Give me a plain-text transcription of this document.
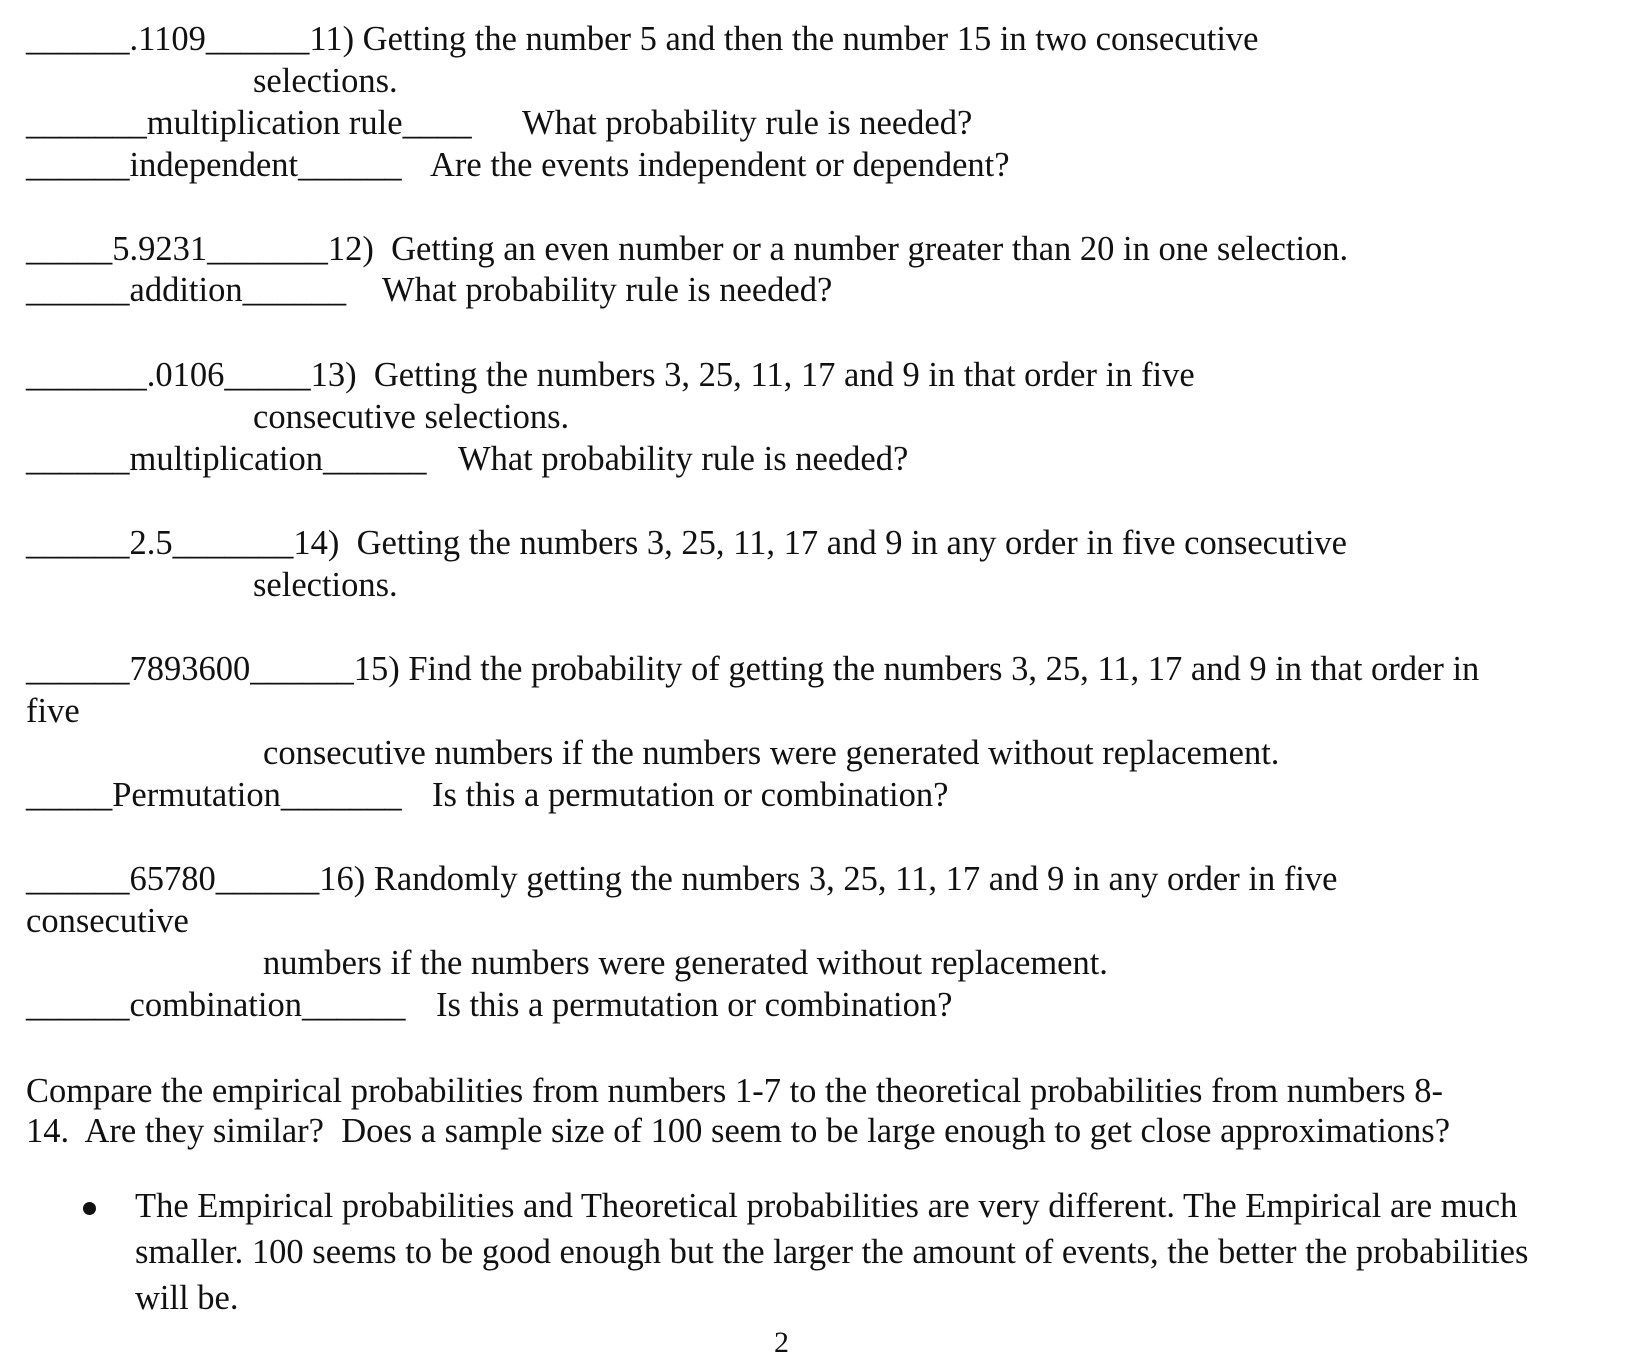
______.1109______11) Getting the number 5 and then the number 15 in two consecutive
selections.
_______multiplication rule____ What probability rule is needed?
______independent______ Are the events independent or dependent?
_____5.9231_______12)  Getting an even number or a number greater than 20 in one selection.
______addition______ What probability rule is needed?
_______.0106_____13)  Getting the numbers 3, 25, 11, 17 and 9 in that order in five
consecutive selections.
______multiplication______ What probability rule is needed?
______2.5_______14)  Getting the numbers 3, 25, 11, 17 and 9 in any order in five consecutive
selections.
______7893600______15) Find the probability of getting the numbers 3, 25, 11, 17 and 9 in that order in
five
consecutive numbers if the numbers were generated without replacement.
_____Permutation_______ Is this a permutation or combination?
______65780______16) Randomly getting the numbers 3, 25, 11, 17 and 9 in any order in five
consecutive
numbers if the numbers were generated without replacement.
______combination______ Is this a permutation or combination?
Compare the empirical probabilities from numbers 1-7 to the theoretical probabilities from numbers 8-
14.  Are they similar?  Does a sample size of 100 seem to be large enough to get close approximations?
The Empirical probabilities and Theoretical probabilities are very different. The Empirical are much smaller. 100 seems to be good enough but the larger the amount of events, the better the probabilities will be.
2
